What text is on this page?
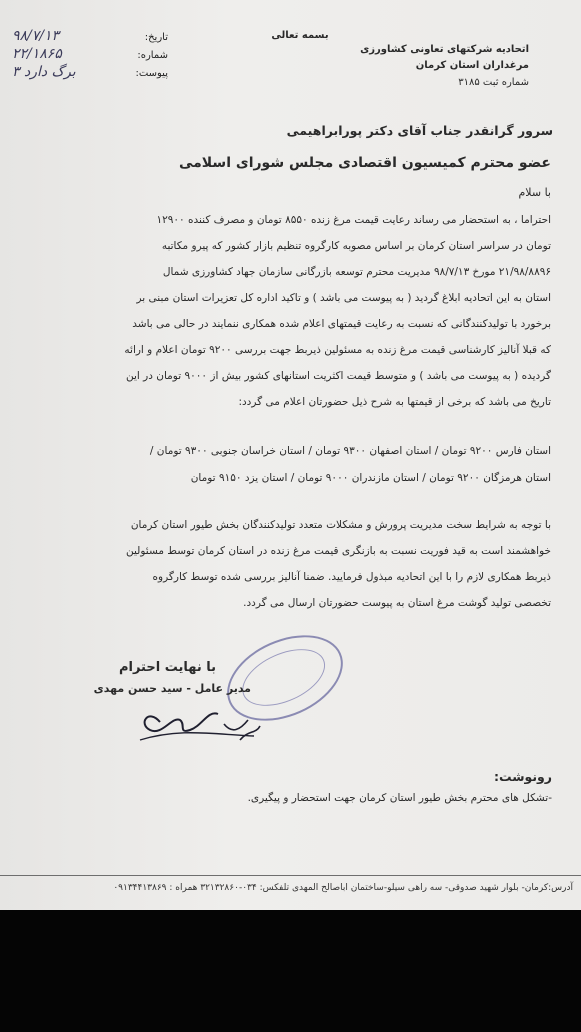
بسمه تعالی
اتحادیه شرکتهای تعاونی کشاورزی
مرغداران استان کرمان
شماره ثبت ۳۱۸۵
تاریخ:
۹۸/۷/۱۳
شماره:
۲۲/۱۸۶۵
پیوست:
۳ برگ دارد
سرور گرانقدر جناب آقای دکتر پورابراهیمی
عضو محترم کمیسیون اقتصادی مجلس شورای اسلامی
با سلام
احتراما ، به استحضار می رساند رعایت قیمت مرغ زنده ۸۵۵۰ تومان و مصرف کننده ۱۲۹۰۰
تومان در سراسر استان کرمان بر اساس مصوبه کارگروه تنظیم بازار کشور که پیرو مکاتبه
۲۱/۹۸/۸۸۹۶ مورخ ۹۸/۷/۱۳ مدیریت محترم توسعه بازرگانی سازمان جهاد کشاورزی شمال
استان به این اتحادیه ابلاغ گردید ( به پیوست می باشد ) و تاکید اداره کل تعزیرات استان مبنی بر
برخورد با تولیدکنندگانی که نسبت به رعایت قیمتهای اعلام شده همکاری ننمایند در حالی می باشد
که قبلا آنالیز کارشناسی قیمت مرغ زنده به مسئولین ذیربط جهت بررسی ۹۲۰۰ تومان اعلام و ارائه
گردیده ( به پیوست می باشد ) و متوسط قیمت اکثریت استانهای کشور بیش از ۹۰۰۰ تومان در این
تاریخ می باشد که برخی از قیمتها به شرح ذیل حضورتان اعلام می گردد:
استان فارس ۹۲۰۰ تومان / استان اصفهان ۹۳۰۰ تومان / استان خراسان جنوبی ۹۳۰۰ تومان /
استان هرمزگان ۹۲۰۰ تومان / استان مازندران ۹۰۰۰ تومان / استان یزد ۹۱۵۰ تومان
با توجه به شرایط سخت مدیریت پرورش و مشکلات متعدد تولیدکنندگان بخش طیور استان کرمان
خواهشمند است به قید فوریت نسبت به بازنگری قیمت مرغ زنده در استان کرمان توسط مسئولین
ذیربط همکاری لازم را با این اتحادیه مبذول فرمایید. ضمنا آنالیز بررسی شده توسط کارگروه
تخصصی تولید گوشت مرغ استان به پیوست حضورتان ارسال می گردد.
با نهایت احترام
مدیر عامل - سید حسن مهدی
رونوشت:
-تشکل های محترم بخش طیور استان کرمان جهت استحضار و پیگیری.
آدرس:کرمان- بلوار شهید صدوقی- سه راهی سیلو-ساختمان اباصالح المهدی تلفکس: ۰۳۴-۳۲۱۳۲۸۶۰ همراه : ۰۹۱۳۴۴۱۳۸۶۹
